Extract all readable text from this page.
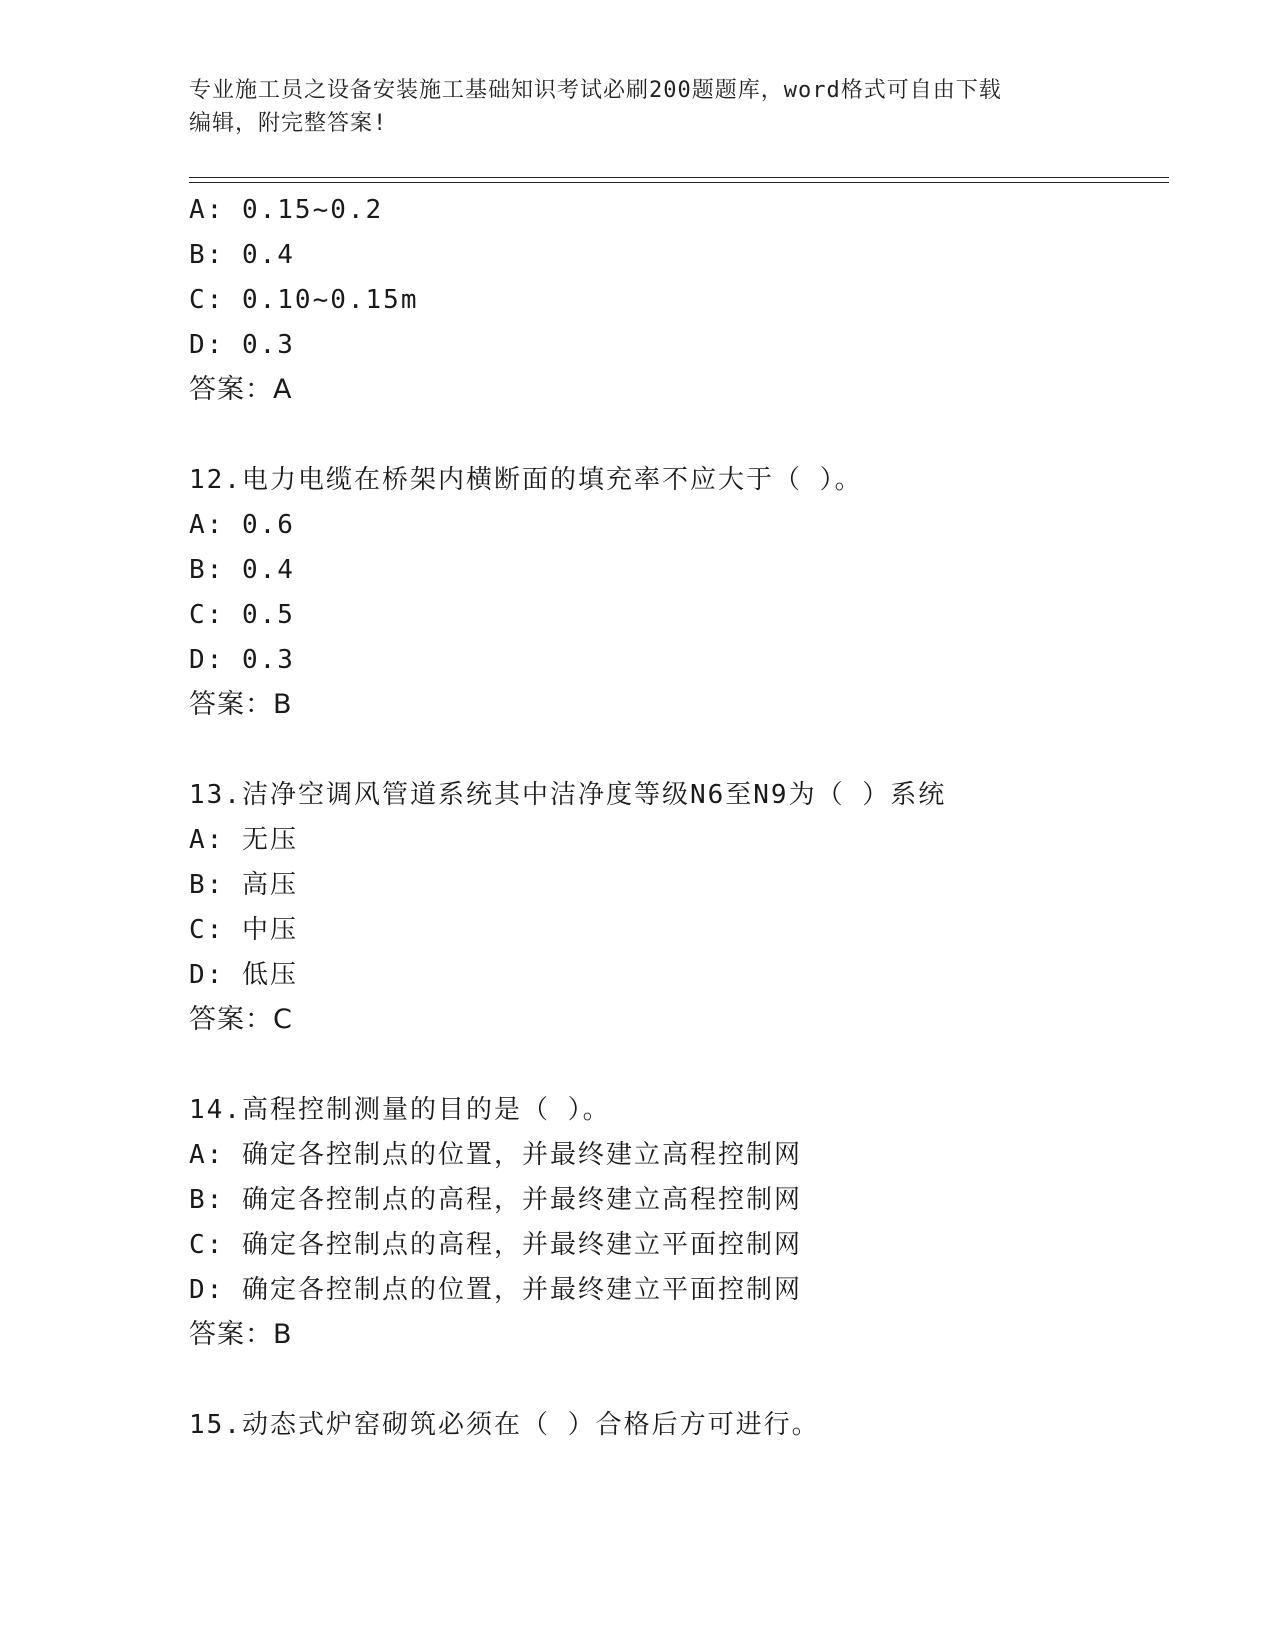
专业施工员之设备安装施工基础知识考试必刷200题题库，word格式可自由下载
编辑，附完整答案!
A: 0.15~0.2
B: 0.4
C: 0.10~0.15m
D: 0.3
答案：A
12.电力电缆在桥架内横断面的填充率不应大于（ ）。
A: 0.6
B: 0.4
C: 0.5
D: 0.3
答案：B
13.洁净空调风管道系统其中洁净度等级N6至N9为（ ）系统
A: 无压
B: 高压
C: 中压
D: 低压
答案：C
14.高程控制测量的目的是（ ）。
A: 确定各控制点的位置，并最终建立高程控制网
B: 确定各控制点的高程，并最终建立高程控制网
C: 确定各控制点的高程，并最终建立平面控制网
D: 确定各控制点的位置，并最终建立平面控制网
答案：B
15.动态式炉窑砌筑必须在（ ）合格后方可进行。
